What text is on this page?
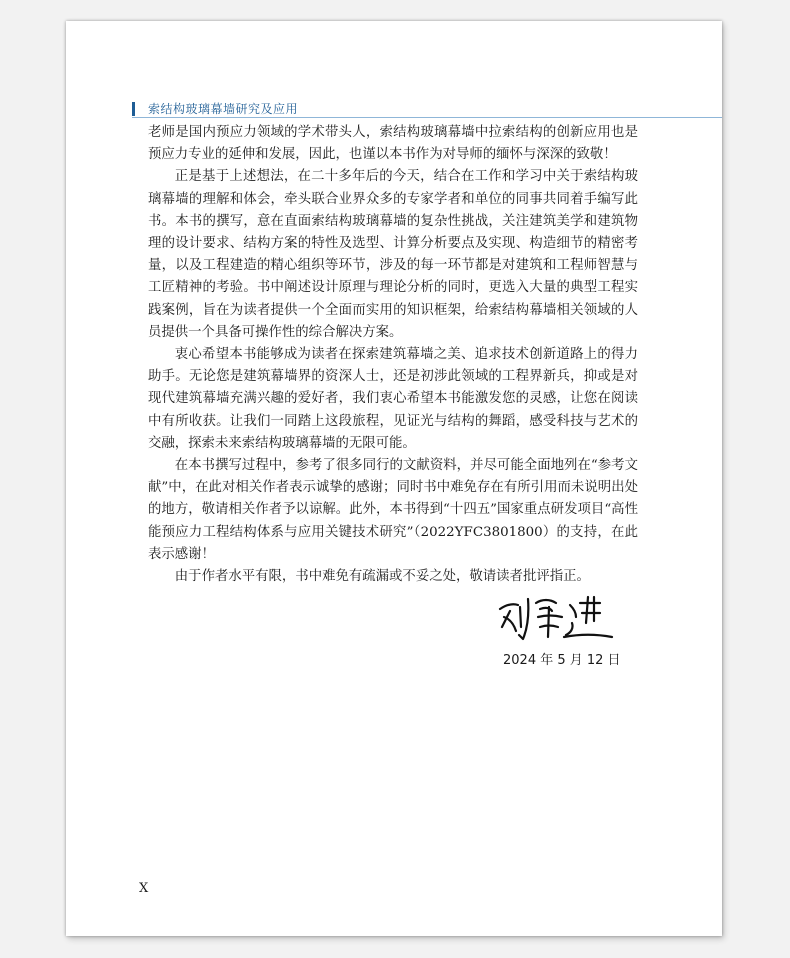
索结构玻璃幕墙研究及应用

老师是国内预应力领域的学术带头人，索结构玻璃幕墙中拉索结构的创新应用也是预应力专业的延伸和发展，因此，也谨以本书作为对导师的缅怀与深深的致敬！

正是基于上述想法，在二十多年后的今天，结合在工作和学习中关于索结构玻璃幕墙的理解和体会，牵头联合业界众多的专家学者和单位的同事共同着手编写此书。本书的撰写，意在直面索结构玻璃幕墙的复杂性挑战，关注建筑美学和建筑物理的设计要求、结构方案的特性及选型、计算分析要点及实现、构造细节的精密考量，以及工程建造的精心组织等环节，涉及的每一环节都是对建筑和工程师智慧与工匠精神的考验。书中阐述设计原理与理论分析的同时，更选入大量的典型工程实践案例，旨在为读者提供一个全面而实用的知识框架，给索结构幕墙相关领域的人员提供一个具备可操作性的综合解决方案。

衷心希望本书能够成为读者在探索建筑幕墙之美、追求技术创新道路上的得力助手。无论您是建筑幕墙界的资深人士，还是初涉此领域的工程界新兵，抑或是对现代建筑幕墙充满兴趣的爱好者，我们衷心希望本书能激发您的灵感，让您在阅读中有所收获。让我们一同踏上这段旅程，见证光与结构的舞蹈，感受科技与艺术的交融，探索未来索结构玻璃幕墙的无限可能。

在本书撰写过程中，参考了很多同行的文献资料，并尽可能全面地列在“参考文献”中，在此对相关作者表示诚挚的感谢；同时书中难免存在有所引用而未说明出处的地方，敬请相关作者予以谅解。此外，本书得到“十四五”国家重点研发项目“高性能预应力工程结构体系与应用关键技术研究”（2022YFC3801800）的支持，在此表示感谢！

由于作者水平有限，书中难免有疏漏或不妥之处，敬请读者批评指正。

2024 年 5 月 12 日
X
